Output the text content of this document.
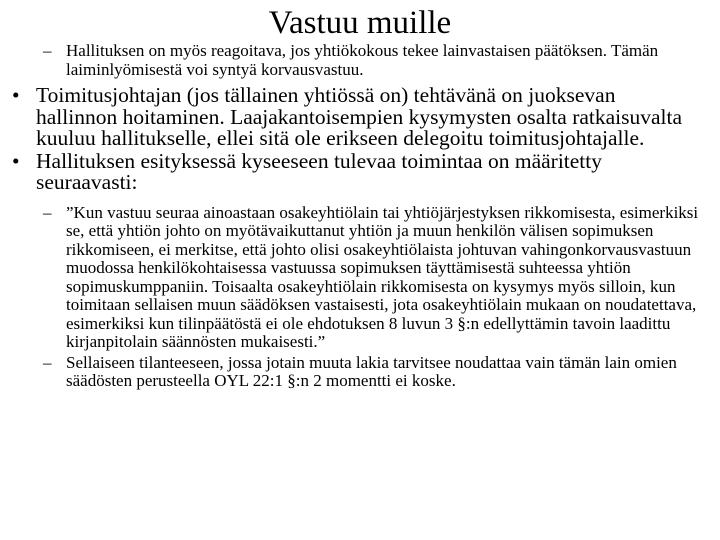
Vastuu muille
– Hallituksen on myös reagoitava, jos yhtiökokous tekee lainvastaisen päätöksen. Tämän laiminlyömisestä voi syntyä korvausvastuu.
• Toimitusjohtajan (jos tällainen yhtiössä on) tehtävänä on juoksevan hallinnon hoitaminen. Laajakantoisempien kysymysten osalta ratkaisuvalta kuuluu hallitukselle, ellei sitä ole erikseen delegoitu toimitusjohtajalle.
• Hallituksen esityksessä kyseeseen tulevaa toimintaa on määritetty seuraavasti:
– ”Kun vastuu seuraa ainoastaan osakeyhtiölain tai yhtiöjärjestyksen rikkomisesta, esimerkiksi se, että yhtiön johto on myötävaikuttanut yhtiön ja muun henkilön välisen sopimuksen rikkomiseen, ei merkitse, että johto olisi osakeyhtiölaista johtuvan vahingonkorvausvastuun muodossa henkilökohtaisessa vastuussa sopimuksen täyttämisestä suhteessa yhtiön sopimuskumppaniin. Toisaalta osakeyhtiölain rikkomisesta on kysymys myös silloin, kun toimitaan sellaisen muun säädöksen vastaisesti, jota osakeyhtiölain mukaan on noudatettava, esimerkiksi kun tilinpäätöstä ei ole ehdotuksen 8 luvun 3 §:n edellyttämin tavoin laadittu kirjanpitolain säännösten mukaisesti.”
– Sellaiseen tilanteeseen, jossa jotain muuta lakia tarvitsee noudattaa vain tämän lain omien säädösten perusteella OYL 22:1 §:n 2 momentti ei koske.
